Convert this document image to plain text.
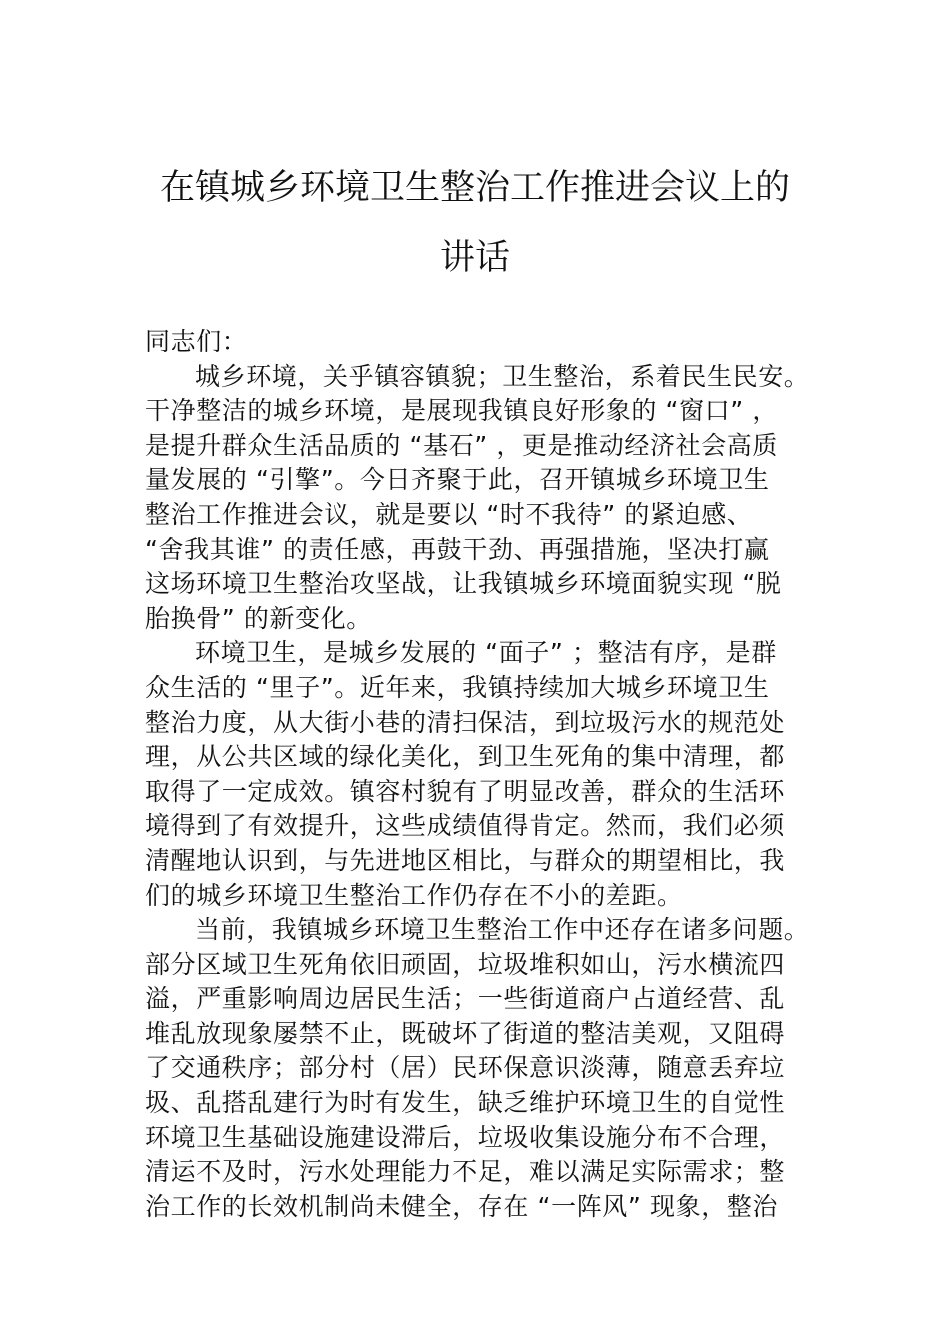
在镇城乡环境卫生整治工作推进会议上的
讲话
同志们：
城乡环境，关乎镇容镇貌；卫生整治，系着民生民安。
干净整洁的城乡环境，是展现我镇良好形象的 “窗口” ，
是提升群众生活品质的 “基石” ，更是推动经济社会高质
量发展的 “引擎”。今日齐聚于此，召开镇城乡环境卫生
整治工作推进会议，就是要以 “时不我待” 的紧迫感、
“舍我其谁” 的责任感，再鼓干劲、再强措施，坚决打赢
这场环境卫生整治攻坚战，让我镇城乡环境面貌实现 “脱
胎换骨” 的新变化。
环境卫生，是城乡发展的 “面子” ；整洁有序，是群
众生活的 “里子”。近年来，我镇持续加大城乡环境卫生
整治力度，从大街小巷的清扫保洁，到垃圾污水的规范处
理，从公共区域的绿化美化，到卫生死角的集中清理，都
取得了一定成效。镇容村貌有了明显改善，群众的生活环
境得到了有效提升，这些成绩值得肯定。然而，我们必须
清醒地认识到，与先进地区相比，与群众的期望相比，我
们的城乡环境卫生整治工作仍存在不小的差距。
当前，我镇城乡环境卫生整治工作中还存在诸多问题。
部分区域卫生死角依旧顽固，垃圾堆积如山，污水横流四
溢，严重影响周边居民生活；一些街道商户占道经营、乱
堆乱放现象屡禁不止，既破坏了街道的整洁美观，又阻碍
了交通秩序；部分村（居）民环保意识淡薄，随意丢弃垃
圾、乱搭乱建行为时有发生，缺乏维护环境卫生的自觉性
环境卫生基础设施建设滞后，垃圾收集设施分布不合理，
清运不及时，污水处理能力不足，难以满足实际需求；整
治工作的长效机制尚未健全，存在 “一阵风” 现象，整治
